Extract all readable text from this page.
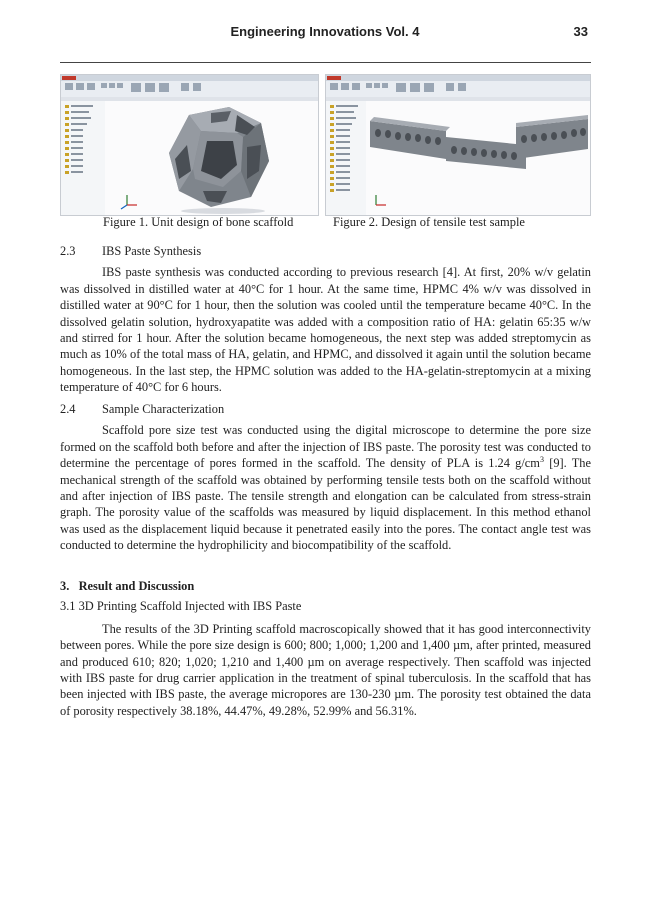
Engineering Innovations Vol. 4	33
Figure 1. Unit design of bone scaffold	Figure 2. Design of tensile test sample
2.3	IBS Paste Synthesis

IBS paste synthesis was conducted according to previous research [4]. At first, 20% w/v gelatin was dissolved in distilled water at 40°C for 1 hour. At the same time, HPMC 4% w/v was dissolved in distilled water at 90°C for 1 hour, then the solution was cooled until the temperature became 40°C. In the dissolved gelatin solution, hydroxyapatite was added with a composition ratio of HA: gelatin 65:35 w/w and stirred for 1 hour. After the solution became homogeneous, the next step was added streptomycin as much as 10% of the total mass of HA, gelatin, and HPMC, and dissolved it again until the solution became homogeneous. In the last step, the HPMC solution was added to the HA-gelatin-streptomycin at a mixing temperature of 40°C for 6 hours.

2.4	Sample Characterization

Scaffold pore size test was conducted using the digital microscope to determine the pore size formed on the scaffold both before and after the injection of IBS paste. The porosity test was conducted to determine the percentage of pores formed in the scaffold. The density of PLA is 1.24 $g/cm^3$ [9]. The mechanical strength of the scaffold was obtained by performing tensile tests both on the scaffold without and after injection of IBS paste. The tensile strength and elongation can be calculated from stress-strain graph. The porosity value of the scaffolds was measured by liquid displacement. In this method ethanol was used as the displacement liquid because it penetrated easily into the pores. The contact angle test was conducted to determine the hydrophilicity and biocompatibility of the scaffold.

3.   Result and Discussion
3.1 3D Printing Scaffold Injected with IBS Paste

The results of the 3D Printing scaffold macroscopically showed that it has good interconnectivity between pores. While the pore size design is 600; 800; 1,000; 1,200 and 1,400 µm, after printed, measured and produced 610; 820; 1,020; 1,210 and 1,400 µm on average respectively. Then scaffold was injected with IBS paste for drug carrier application in the treatment of spinal tuberculosis. In the scaffold that has been injected with IBS paste, the average micropores are 130-230 µm. The porosity test obtained the data of porosity respectively 38.18%, 44.47%, 49.28%, 52.99% and 56.31%.
